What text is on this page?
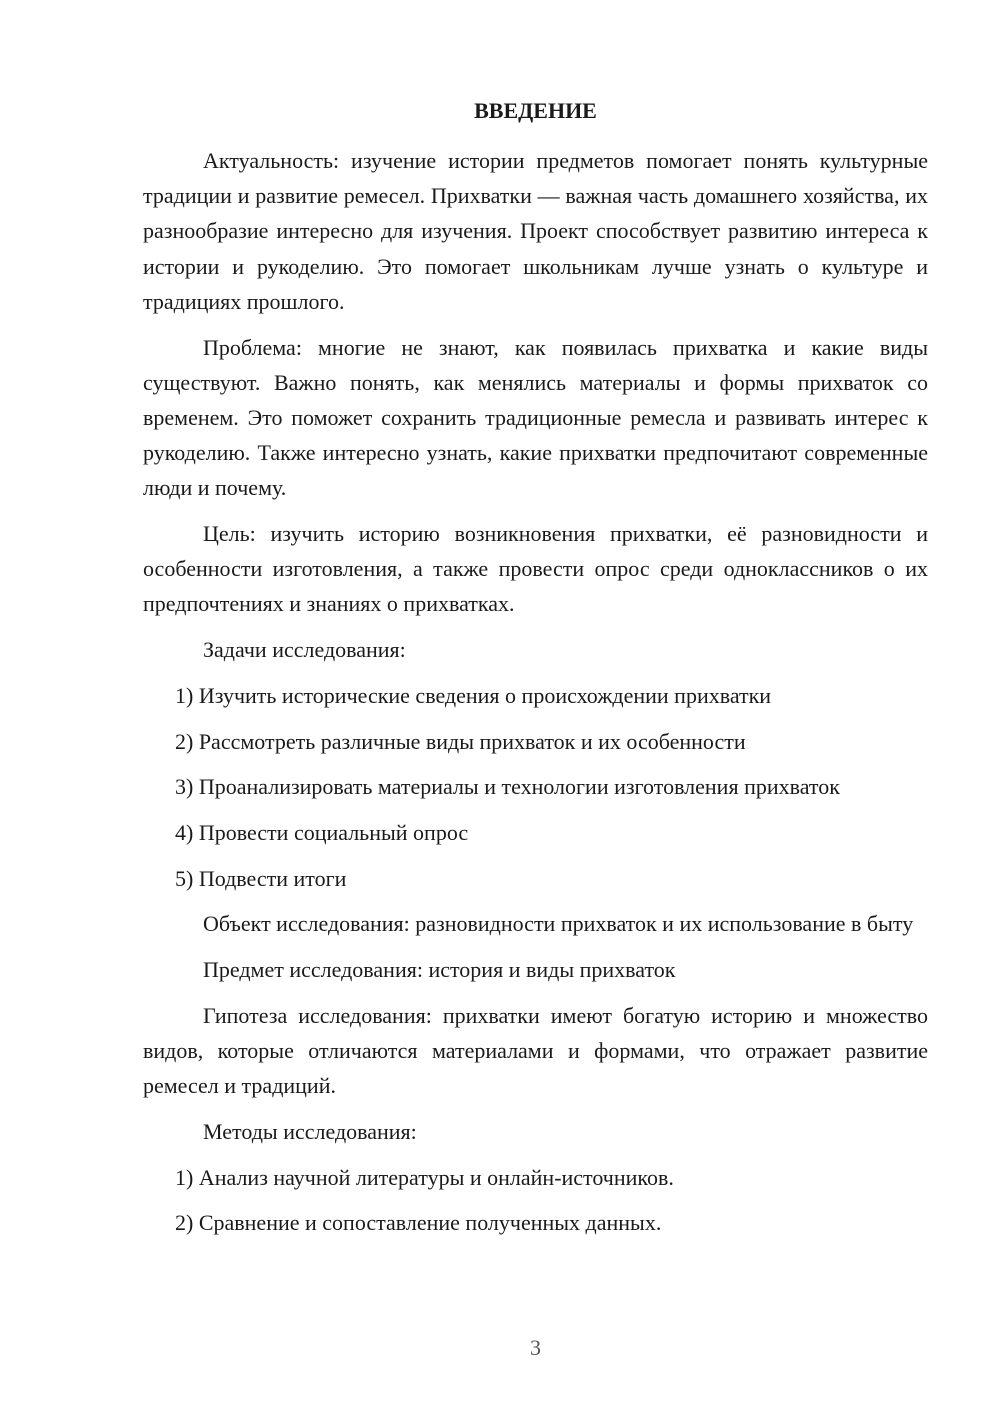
ВВЕДЕНИЕ

Актуальность: изучение истории предметов помогает понять культурные традиции и развитие ремесел. Прихватки — важная часть домашнего хозяйства, их разнообразие интересно для изучения. Проект способствует развитию интереса к истории и рукоделию. Это помогает школьникам лучше узнать о культуре и традициях прошлого.

Проблема: многие не знают, как появилась прихватка и какие виды существуют. Важно понять, как менялись материалы и формы прихваток со временем. Это поможет сохранить традиционные ремесла и развивать интерес к рукоделию. Также интересно узнать, какие прихватки предпочитают современные люди и почему.

Цель: изучить историю возникновения прихватки, её разновидности и особенности изготовления, а также провести опрос среди одноклассников о их предпочтениях и знаниях о прихватках.

Задачи исследования:

1) Изучить исторические сведения о происхождении прихватки

2) Рассмотреть различные виды прихваток и их особенности

3) Проанализировать материалы и технологии изготовления прихваток

4) Провести социальный опрос

5) Подвести итоги

Объект исследования: разновидности прихваток и их использование в быту

Предмет исследования: история и виды прихваток

Гипотеза исследования: прихватки имеют богатую историю и множество видов, которые отличаются материалами и формами, что отражает развитие ремесел и традиций.

Методы исследования:

1) Анализ научной литературы и онлайн-источников.

2) Сравнение и сопоставление полученных данных.

3
